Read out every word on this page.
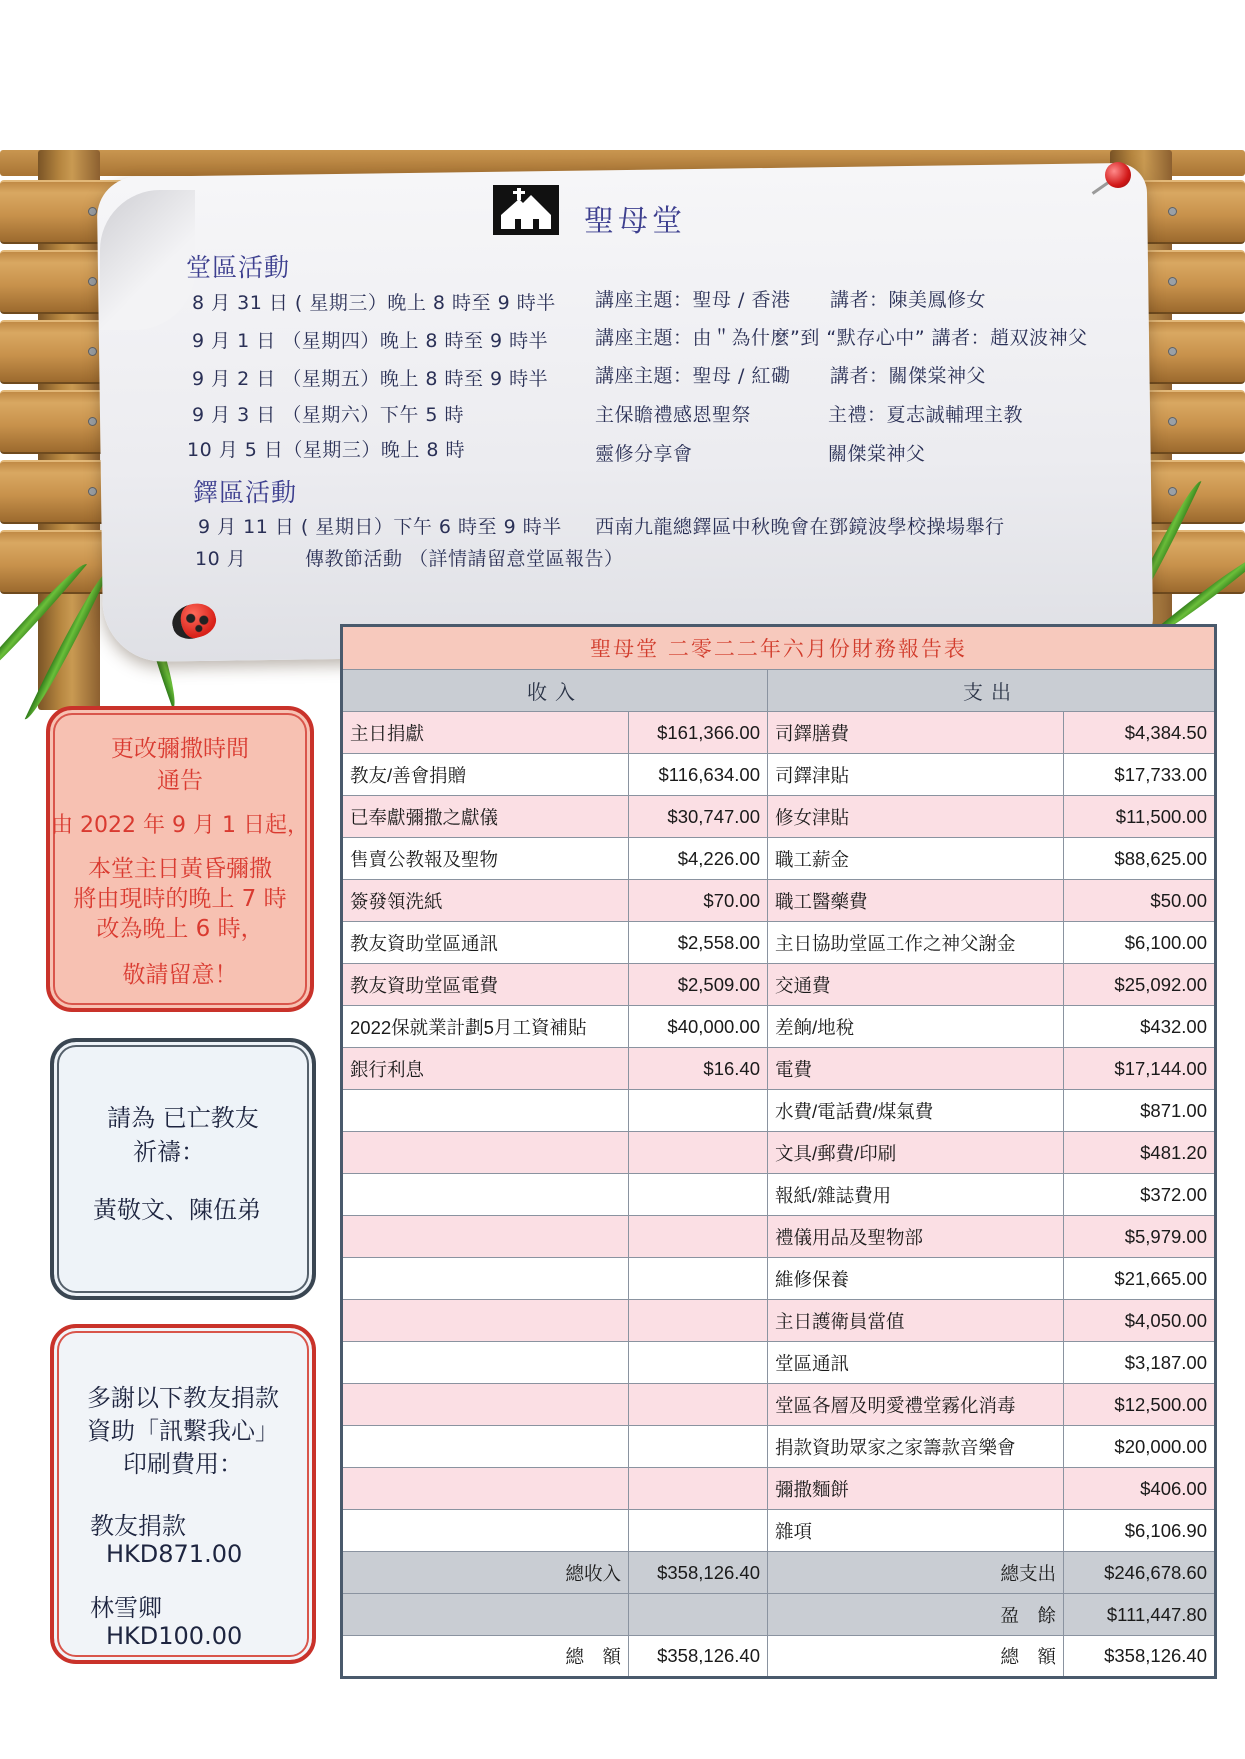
聖母堂
堂區活動
8 月 31 日 ( 星期三）晚上 8 時至 9 時半 講座主題：聖母 / 香港 講者：陳美鳳修女
9 月 1 日 （星期四）晚上 8 時至 9 時半 講座主題：由＂為什麼”到 “默存心中” 講者：趙双波神父
9 月 2 日 （星期五）晚上 8 時至 9 時半 講座主題：聖母 / 紅磡 講者：關傑棠神父
9 月 3 日 （星期六）下午 5 時	主保瞻禮感恩聖祭	主禮：夏志誠輔理主教
10 月 5 日（星期三）晚上 8 時	靈修分享會	關傑棠神父
鐸區活動
9 月 11 日 ( 星期日）下午 6 時至 9 時半 西南九龍總鐸區中秋晚會在鄧鏡波學校操場舉行
10 月	傳教節活動 （詳情請留意堂區報告）
更改彌撒時間
通告
由 2022 年 9 月 1 日起，
本堂主日黃昏彌撒
將由現時的晚上 7 時
改為晚上 6 時，
敬請留意！
請為 已亡教友
祈禱：
黃敬文、陳伍弟
多謝以下教友捐款
資助「訊繫我心」
印刷費用：
教友捐款
HKD871.00
林雪卿
HKD100.00
聖母堂 二零二二年六月份財務報告表			
收入		支出	
主日捐獻	$161,366.00	司鐸膳費	$4,384.50
教友/善會捐贈	$116,634.00	司鐸津貼	$17,733.00
已奉獻彌撒之獻儀	$30,747.00	修女津貼	$11,500.00
售賣公教報及聖物	$4,226.00	職工薪金	$88,625.00
簽發領洗紙	$70.00	職工醫藥費	$50.00
教友資助堂區通訊	$2,558.00	主日協助堂區工作之神父謝金	$6,100.00
教友資助堂區電費	$2,509.00	交通費	$25,092.00
2022保就業計劃5月工資補貼	$40,000.00	差餉/地稅	$432.00
銀行利息	$16.40	電費	$17,144.00
		水費/電話費/煤氣費	$871.00
		文具/郵費/印刷	$481.20
		報紙/雜誌費用	$372.00
		禮儀用品及聖物部	$5,979.00
		維修保養	$21,665.00
		主日護衛員當值	$4,050.00
		堂區通訊	$3,187.00
		堂區各層及明愛禮堂霧化消毒	$12,500.00
		捐款資助眾家之家籌款音樂會	$20,000.00
		彌撒麵餅	$406.00
		雜項	$6,106.90
總收入	$358,126.40	總支出	$246,678.60
		盈　餘	$111,447.80
總　額	$358,126.40	總　額	$358,126.40
